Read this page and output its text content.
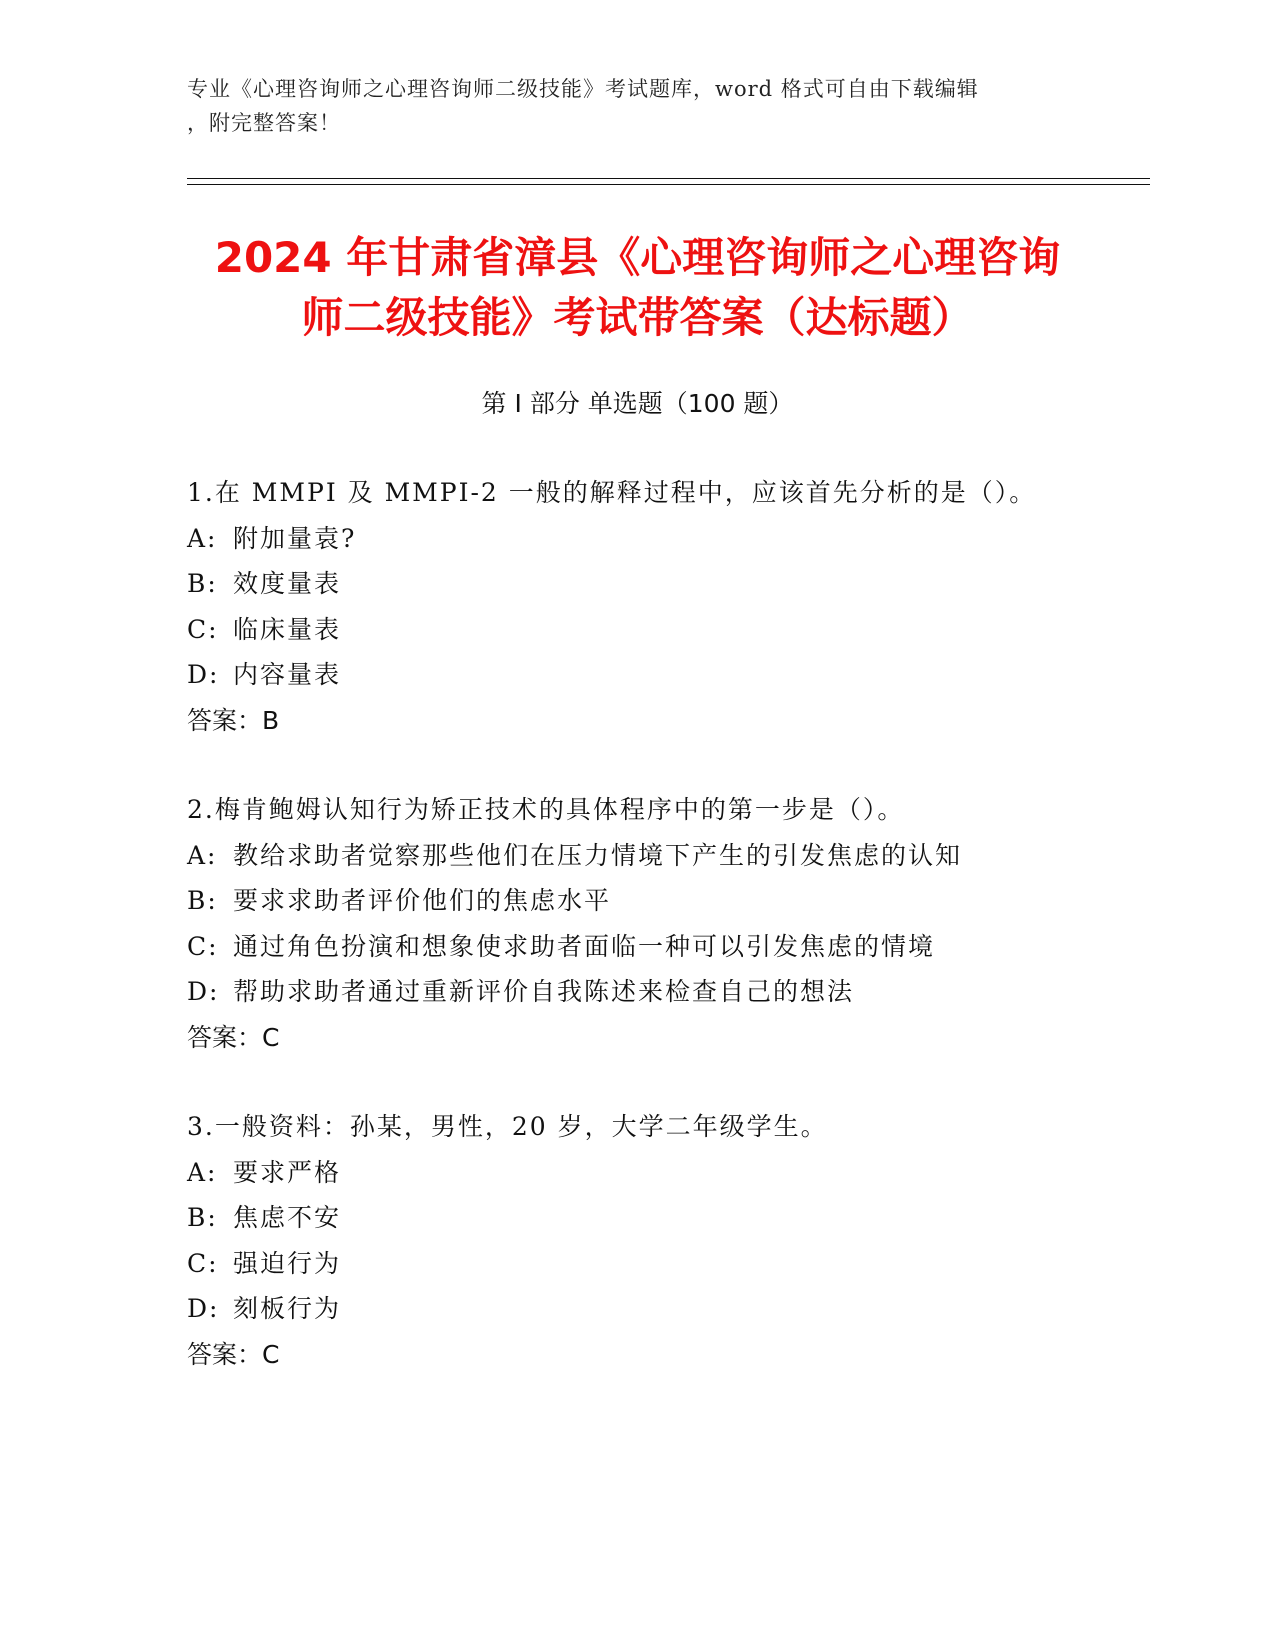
专业《心理咨询师之心理咨询师二级技能》考试题库，word 格式可自由下载编辑
，附完整答案！
2024 年甘肃省漳县《心理咨询师之心理咨询
师二级技能》考试带答案（达标题）
第 I 部分 单选题（100 题）
1.在 MMPI 及 MMPI-2 一般的解释过程中，应该首先分析的是（）。
A: 附加量袁?
B: 效度量表
C: 临床量表
D: 内容量表
答案：B
2.梅肯鲍姆认知行为矫正技术的具体程序中的第一步是（）。
A: 教给求助者觉察那些他们在压力情境下产生的引发焦虑的认知
B: 要求求助者评价他们的焦虑水平
C: 通过角色扮演和想象使求助者面临一种可以引发焦虑的情境
D: 帮助求助者通过重新评价自我陈述来检查自己的想法
答案：C
3.一般资料：孙某，男性，20 岁，大学二年级学生。
A: 要求严格
B: 焦虑不安
C: 强迫行为
D: 刻板行为
答案：C
